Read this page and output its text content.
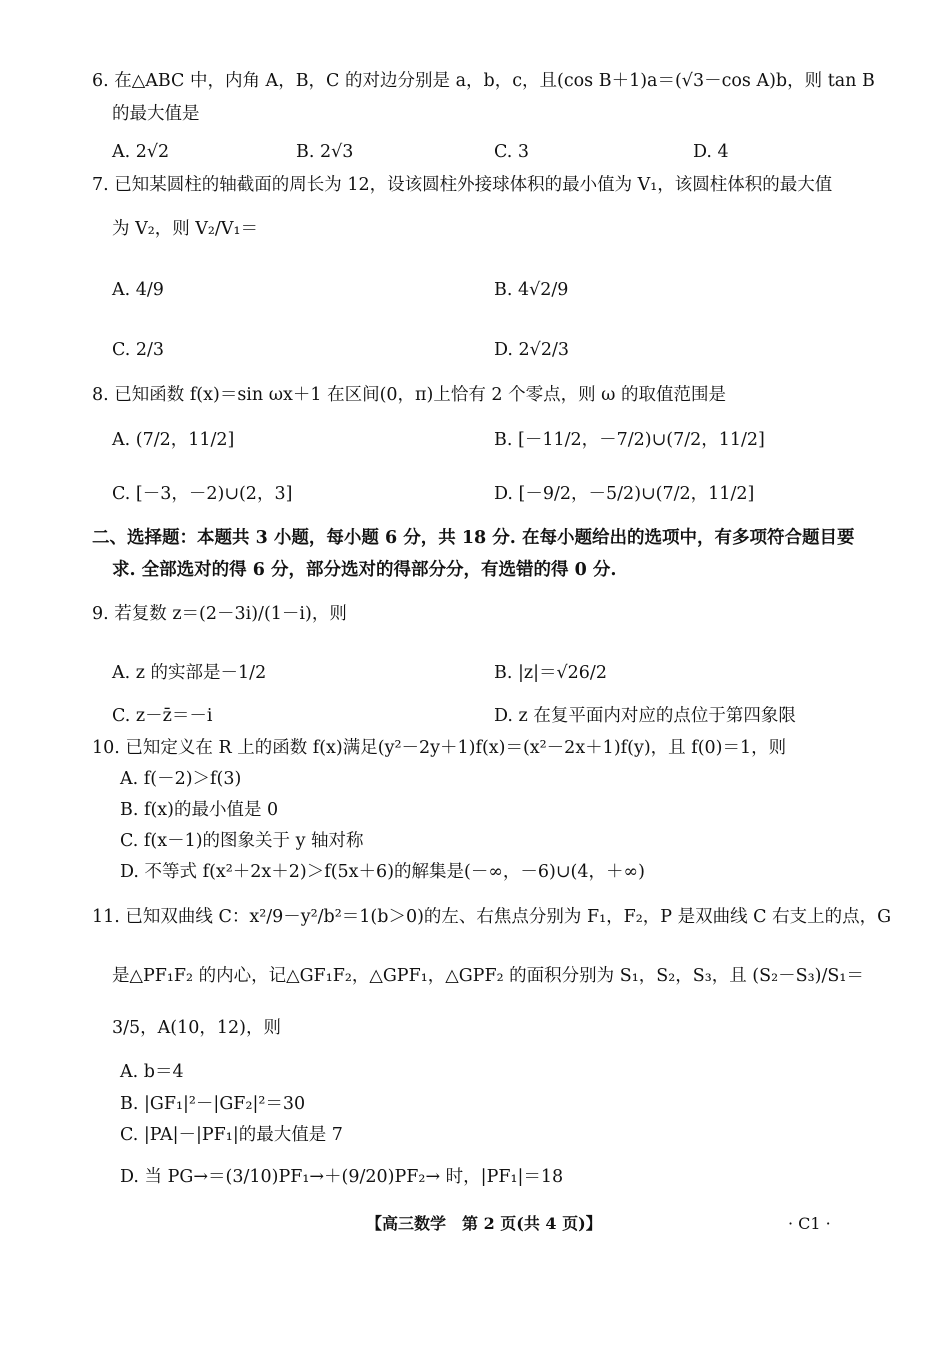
6. 在△ABC 中，内角 A，B，C 的对边分别是 a，b，c，且(cos B＋1)a＝(√3－cos A)b，则 tan B
的最大值是
A. 2√2	B. 2√3	C. 3	D. 4
7. 已知某圆柱的轴截面的周长为 12，设该圆柱外接球体积的最小值为 V₁，该圆柱体积的最大值
为 V₂，则 V₂/V₁＝
A. 4/9	B. 4√2/9
C. 2/3	D. 2√2/3
8. 已知函数 f(x)＝sin ωx＋1 在区间(0，π)上恰有 2 个零点，则 ω 的取值范围是
A. (7/2，11/2]	B. [－11/2，－7/2)∪(7/2，11/2]
C. [－3，－2)∪(2，3]	D. [－9/2，－5/2)∪(7/2，11/2]
二、选择题：本题共 3 小题，每小题 6 分，共 18 分. 在每小题给出的选项中，有多项符合题目要
求. 全部选对的得 6 分，部分选对的得部分分，有选错的得 0 分.
9. 若复数 z＝(2－3i)/(1－i)，则
A. z 的实部是－1/2	B. |z|＝√26/2
C. z－z̄＝－i	D. z 在复平面内对应的点位于第四象限
10. 已知定义在 R 上的函数 f(x)满足(y²－2y＋1)f(x)＝(x²－2x＋1)f(y)，且 f(0)＝1，则
A. f(－2)＞f(3)
B. f(x)的最小值是 0
C. f(x－1)的图象关于 y 轴对称
D. 不等式 f(x²＋2x＋2)＞f(5x＋6)的解集是(－∞，－6)∪(4，＋∞)
11. 已知双曲线 C：x²/9－y²/b²＝1(b＞0)的左、右焦点分别为 F₁，F₂，P 是双曲线 C 右支上的点，G
是△PF₁F₂ 的内心，记△GF₁F₂，△GPF₁，△GPF₂ 的面积分别为 S₁，S₂，S₃，且 (S₂－S₃)/S₁＝
3/5，A(10，12)，则
A. b＝4
B. |GF₁|²－|GF₂|²＝30
C. |PA|－|PF₁|的最大值是 7
D. 当 PG→＝(3/10)PF₁→＋(9/20)PF₂→ 时，|PF₁|＝18
【高三数学　第 2 页(共 4 页)】	· C1 ·
